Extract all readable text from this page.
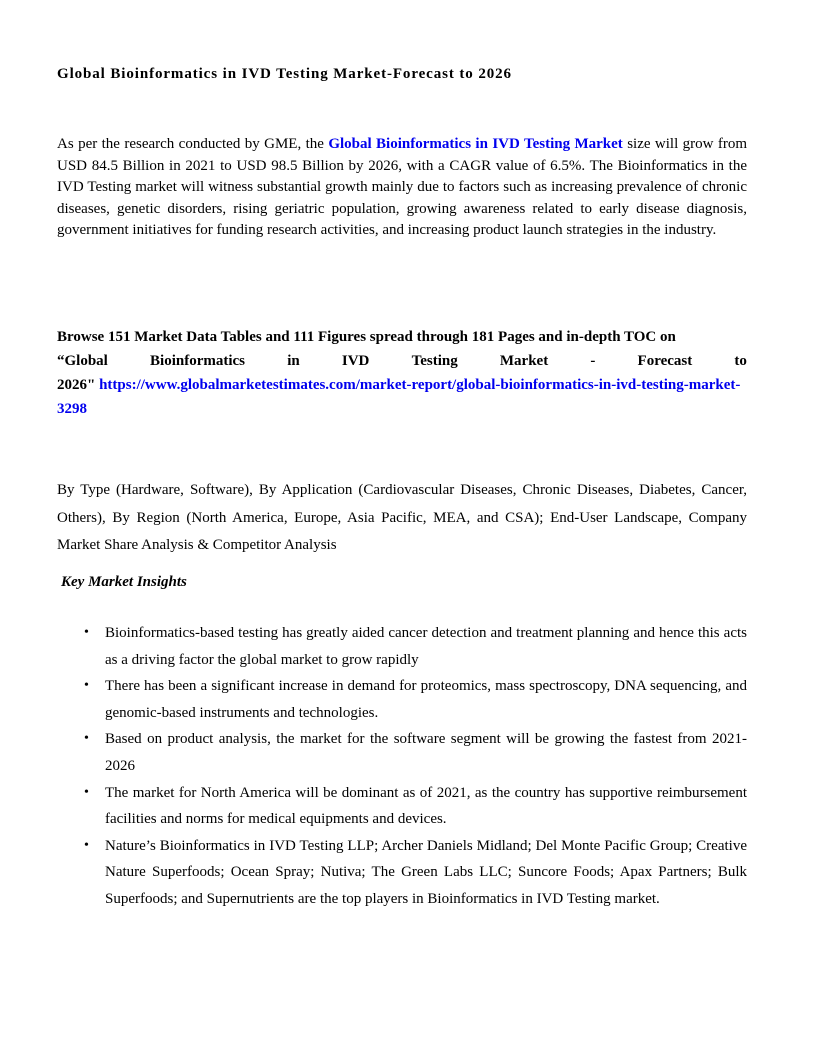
Global Bioinformatics in IVD Testing Market-Forecast to 2026

As per the research conducted by GME, the Global Bioinformatics in IVD Testing Market size will grow from USD 84.5 Billion in 2021 to USD 98.5 Billion by 2026, with a CAGR value of 6.5%. The Bioinformatics in the IVD Testing market will witness substantial growth mainly due to factors such as increasing prevalence of chronic diseases, genetic disorders, rising geriatric population, growing awareness related to early disease diagnosis, government initiatives for funding research activities, and increasing product launch strategies in the industry.

Browse 151 Market Data Tables and 111 Figures spread through 181 Pages and in-depth TOC on
“Global	Bioinformatics	in	IVD	Testing	Market	-	Forecast	to
2026" https://www.globalmarketestimates.com/market-report/global-bioinformatics-in-ivd-testing-market-3298

By Type (Hardware, Software), By Application (Cardiovascular Diseases, Chronic Diseases, Diabetes, Cancer, Others), By Region (North America, Europe, Asia Pacific, MEA, and CSA); End-User Landscape, Company Market Share Analysis & Competitor Analysis

Key Market Insights
• Bioinformatics-based testing has greatly aided cancer detection and treatment planning and hence this acts as a driving factor the global market to grow rapidly
• There has been a significant increase in demand for proteomics, mass spectroscopy, DNA sequencing, and genomic-based instruments and technologies.
• Based on product analysis, the market for the software segment will be growing the fastest from 2021-2026
• The market for North America will be dominant as of 2021, as the country has supportive reimbursement facilities and norms for medical equipments and devices.
• Nature’s Bioinformatics in IVD Testing LLP; Archer Daniels Midland; Del Monte Pacific Group; Creative Nature Superfoods; Ocean Spray; Nutiva; The Green Labs LLC; Suncore Foods; Apax Partners; Bulk Superfoods; and Supernutrients are the top players in Bioinformatics in IVD Testing market.
